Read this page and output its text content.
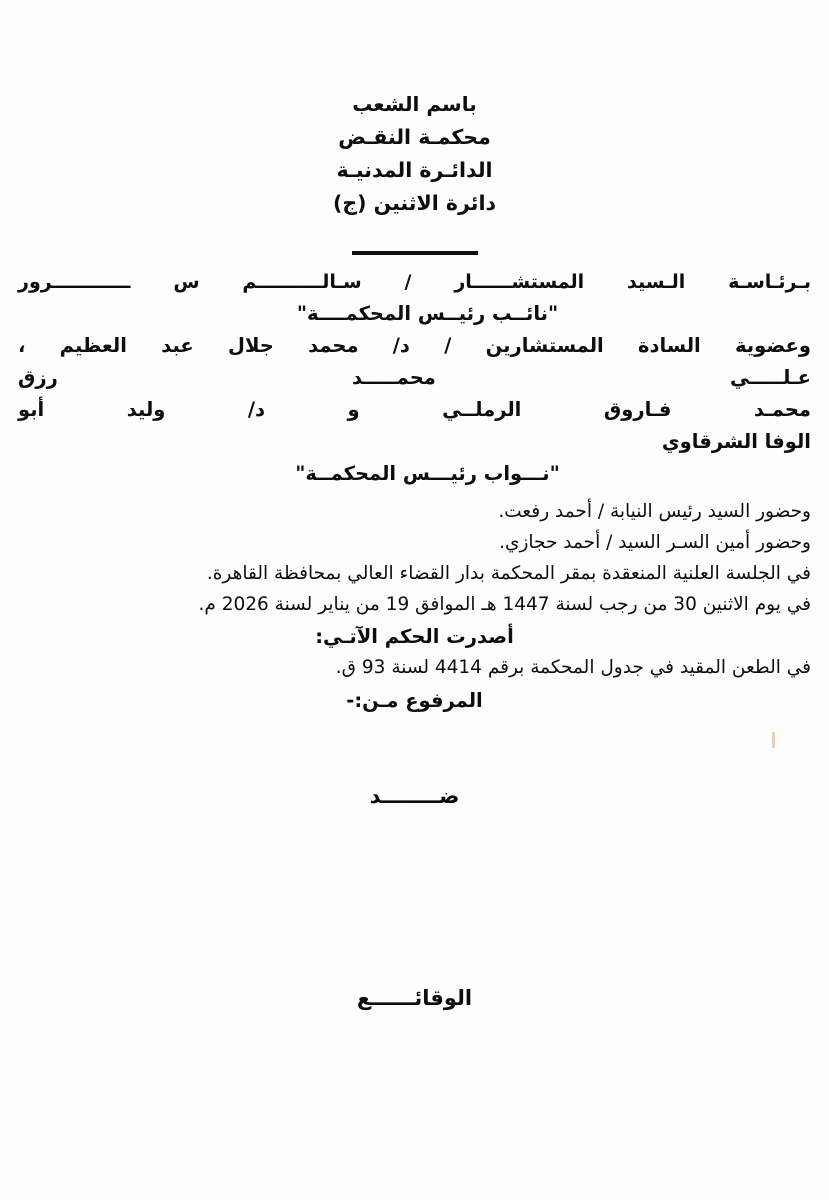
باسم الشعب
محكمـة النقـض
الدائـرة المدنيـة
دائرة الاثنين (ج)
بـرئـاسـة الـسيد المستشــــــار / سـالــــــــــم س ــــــــــــرور
"نائــب رئيــس المحكمــــة"
وعضوية السادة المستشارين / د/ محمد جلال عبد العظيم ،
عـلـــــي محمـــــد رزق
محمـد فـاروق الرملــي و د/ وليد أبو
الوفا الشرقاوي
"نـــواب رئيـــس المحكمــة"
وحضور السيد رئيس النيابة / أحمد رفعت.
وحضور أمين السـر السيد / أحمد حجازي.
في الجلسة العلنية المنعقدة بمقر المحكمة بدار القضاء العالي بمحافظة القاهرة.
في يوم الاثنين 30 من رجب لسنة 1447 هـ الموافق 19 من يناير لسنة 2026 م.
أصدرت الحكم الآتـي:
في الطعن المقيد في جدول المحكمة برقم 4414 لسنة 93 ق.
المرفوع مـن:-
ضــــــــد
الوقائــــــع
